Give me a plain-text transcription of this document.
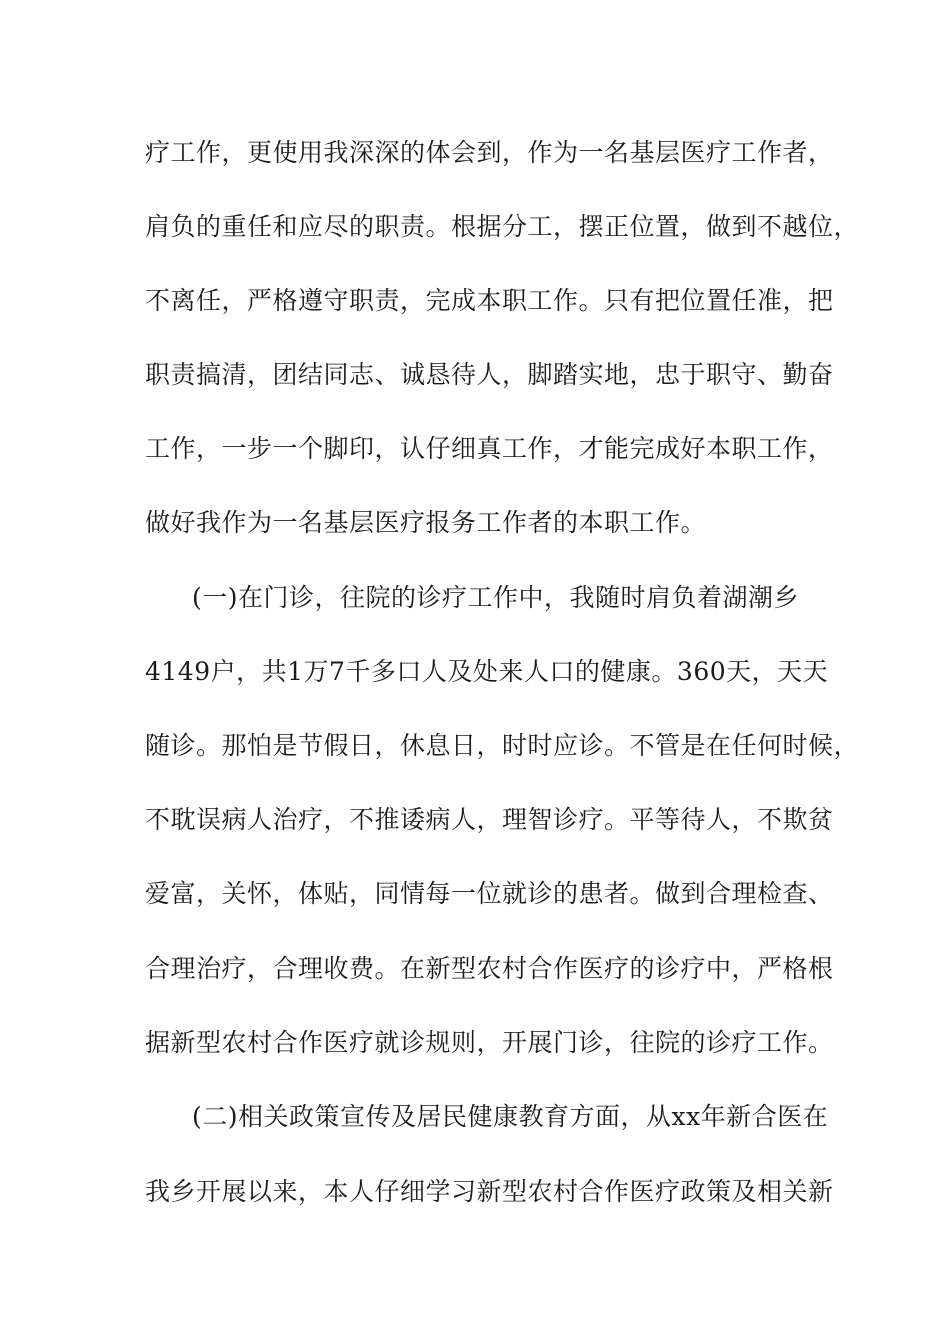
疗工作，更使用我深深的体会到，作为一名基层医疗工作者，
肩负的重任和应尽的职责。根据分工，摆正位置，做到不越位，
不离任，严格遵守职责，完成本职工作。只有把位置任准，把
职责搞清，团结同志、诚恳待人，脚踏实地，忠于职守、勤奋
工作，一步一个脚印，认仔细真工作，才能完成好本职工作，
做好我作为一名基层医疗报务工作者的本职工作。
(一)在门诊，往院的诊疗工作中，我随时肩负着湖潮乡
4149户，共1万7千多口人及处来人口的健康。360天，天天
随诊。那怕是节假日，休息日，时时应诊。不管是在任何时候，
不耽误病人治疗，不推诿病人，理智诊疗。平等待人，不欺贫
爱富，关怀，体贴，同情每一位就诊的患者。做到合理检查、
合理治疗，合理收费。在新型农村合作医疗的诊疗中，严格根
据新型农村合作医疗就诊规则，开展门诊，往院的诊疗工作。
(二)相关政策宣传及居民健康教育方面，从xx年新合医在
我乡开展以来，本人仔细学习新型农村合作医疗政策及相关新
